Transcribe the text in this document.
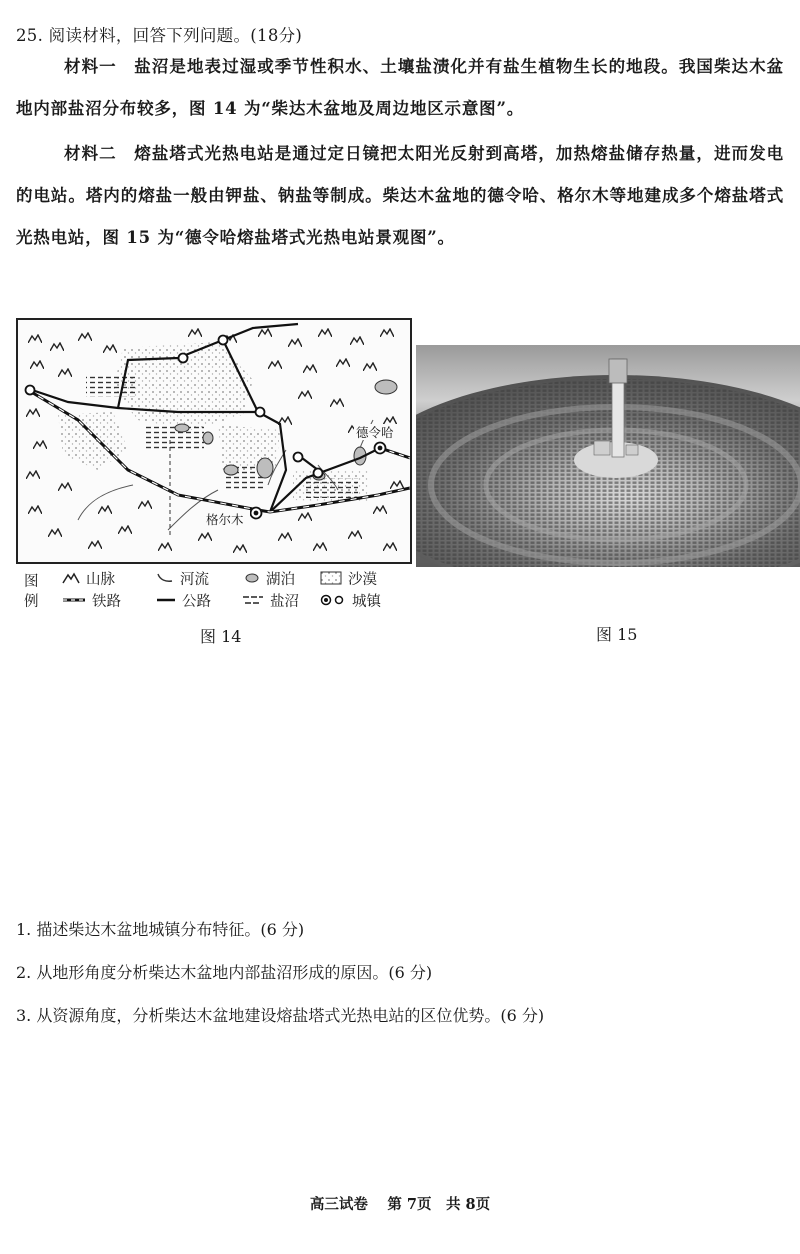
25. 阅读材料，回答下列问题。(18分)
材料一　盐沼是地表过湿或季节性积水、土壤盐渍化并有盐生植物生长的地段。我国柴达木盆地内部盐沼分布较多，图 14 为“柴达木盆地及周边地区示意图”。
材料二　熔盐塔式光热电站是通过定日镜把太阳光反射到高塔，加热熔盐储存热量，进而发电的电站。塔内的熔盐一般由钾盐、钠盐等制成。柴达木盆地的德令哈、格尔木等地建成多个熔盐塔式光热电站，图 15 为“德令哈熔盐塔式光热电站景观图”。
德令哈
格尔木
图
例
山脉	河流	湖泊	沙漠
铁路	公路	盐沼	城镇
图 14	图 15
1. 描述柴达木盆地城镇分布特征。(6 分)
2. 从地形角度分析柴达木盆地内部盐沼形成的原因。(6 分)
3. 从资源角度，分析柴达木盆地建设熔盐塔式光热电站的区位优势。(6 分)
高三试卷　 第 7页　共 8页
